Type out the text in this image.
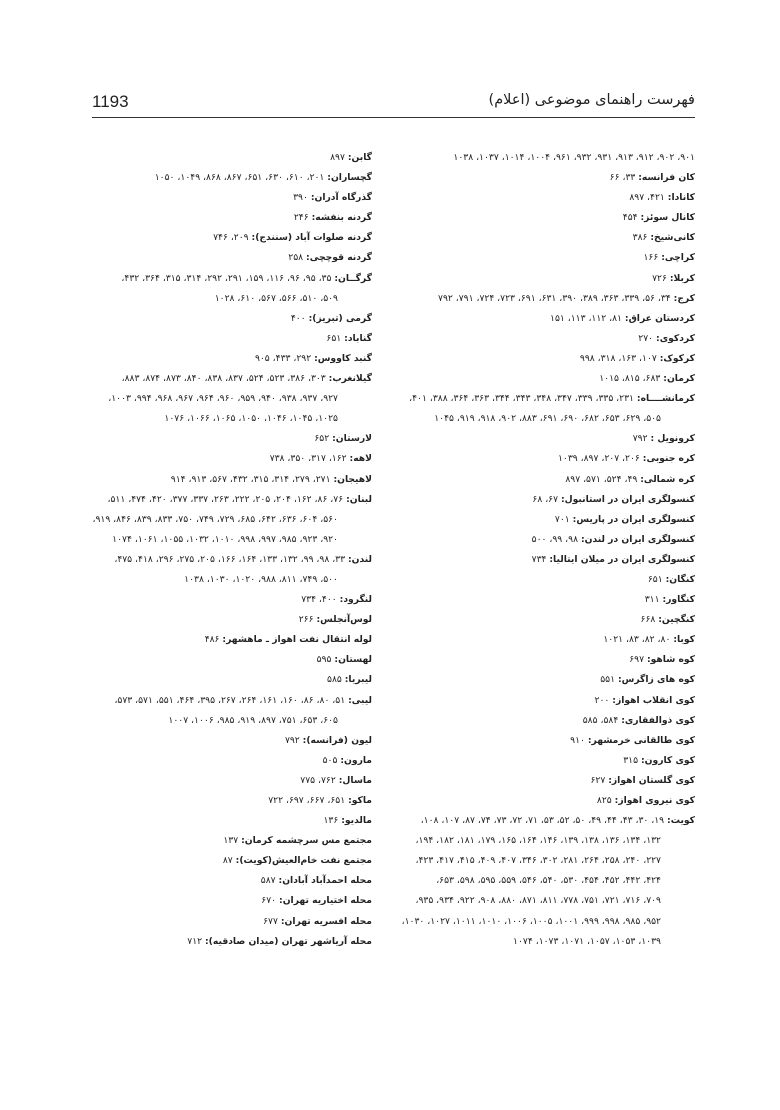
1193	فهرست راهنمای موضوعی (اعلام)
۹۰۱، ۹۰۲، ۹۱۲، ۹۱۳، ۹۳۱، ۹۳۲، ۹۶۱، ۱۰۰۴، ۱۰۱۴، ۱۰۳۷، ۱۰۳۸
کان فرانسه: ۳۳، ۶۶
کانادا: ۴۲۱، ۸۹۷
کانال سوئز: ۴۵۴
کانی‌شیخ: ۳۸۶
کراچی: ۱۶۶
کربلا: ۷۲۶
کرج: ۳۴، ۵۶، ۳۳۹، ۳۶۳، ۳۸۹، ۳۹۰، ۶۳۱، ۶۹۱، ۷۲۳، ۷۲۴، ۷۹۱، ۷۹۲
کردستان عراق: ۸۱، ۱۱۲، ۱۱۳، ۱۵۱
کردکوی: ۲۷۰
کرکوک: ۱۰۷، ۱۶۳، ۳۱۸، ۹۹۸
کرمان: ۶۸۳، ۸۱۵، ۱۰۱۵
کرمانشــــاه: ۲۳۱، ۳۳۵، ۳۳۹، ۳۴۷، ۳۴۸، ۳۴۳، ۳۴۴، ۳۶۳، ۳۶۴، ۳۸۸، ۴۰۱،
۵۰۵، ۶۲۹، ۶۵۳، ۶۸۲، ۶۹۰، ۶۹۱، ۸۸۳، ۹۰۲، ۹۱۸، ۹۱۹، ۱۰۴۵
کرونویل : ۷۹۲
کره جنوبی: ۲۰۶، ۲۰۷، ۸۹۷، ۱۰۳۹
کره شمالی: ۴۹، ۵۲۴، ۵۷۱، ۸۹۷
کنسولگری ایران در استانبول: ۶۷، ۶۸
کنسولگری ایران در پاریس: ۷۰۱
کنسولگری ایران در لندن: ۹۸، ۹۹، ۵۰۰
کنسولگری ایران در میلان ایتالیا: ۷۳۴
کنگان: ۶۵۱
کنگاور: ۳۱۱
کنگچین: ۶۶۸
کوبا: ۸۰، ۸۲، ۸۳، ۱۰۲۱
کوه شاهو: ۶۹۷
کوه های زاگرس: ۵۵۱
کوی انقلاب اهواز: ۲۰۰
کوی ذوالفقاری: ۵۸۴، ۵۸۵
کوی طالقانی خرمشهر: ۹۱۰
کوی کارون: ۳۱۵
کوی گلستان اهواز: ۶۲۷
کوی نیروی اهواز: ۸۲۵
کویت: ۱۹، ۳۰، ۴۳، ۴۴، ۴۹، ۵۰، ۵۲، ۵۳، ۷۱، ۷۲، ۷۳، ۷۴، ۸۷، ۱۰۷، ۱۰۸،
۱۳۲، ۱۳۴، ۱۳۶، ۱۳۸، ۱۳۹، ۱۴۶، ۱۶۴، ۱۶۵، ۱۷۹، ۱۸۱، ۱۸۲، ۱۹۴،
۲۲۷، ۲۴۰، ۲۵۸، ۲۶۴، ۲۸۱، ۳۰۲، ۳۴۶، ۴۰۷، ۴۰۹، ۴۱۵، ۴۱۷، ۴۲۳،
۴۲۴، ۴۴۲، ۴۵۲، ۴۵۴، ۵۳۰، ۵۴۰، ۵۴۶، ۵۵۹، ۵۹۵، ۵۹۸، ۶۵۳،
۷۰۹، ۷۱۶، ۷۲۱، ۷۵۱، ۷۷۸، ۸۱۱، ۸۷۱، ۸۸۰، ۹۰۸، ۹۲۲، ۹۳۴، ۹۳۵،
۹۵۲، ۹۸۵، ۹۹۸، ۹۹۹، ۱۰۰۱، ۱۰۰۵، ۱۰۰۶، ۱۰۱۰، ۱۰۱۱، ۱۰۲۷، ۱۰۳۰،
۱۰۳۹، ۱۰۵۳، ۱۰۵۷، ۱۰۷۱، ۱۰۷۳، ۱۰۷۴
گابن: ۸۹۷
گچساران: ۲۰۱، ۶۱۰، ۶۳۰، ۶۵۱، ۸۶۷، ۸۶۸، ۱۰۴۹، ۱۰۵۰
گذرگاه آدران: ۳۹۰
گردنه بنفشه: ۲۴۶
گردنه صلوات آباد (سنندج): ۲۰۹، ۷۴۶
گردنه قوچچی: ۲۵۸
گرگــان: ۳۵، ۹۵، ۹۶، ۱۱۶، ۱۵۹، ۲۹۱، ۲۹۲، ۳۱۴، ۳۱۵، ۳۶۴، ۴۳۲،
۵۰۹، ۵۱۰، ۵۶۶، ۵۶۷، ۶۱۰، ۱۰۲۸
گرمی (تبریز): ۴۰۰
گناباد: ۶۵۱
گنبد کاووس: ۲۹۲، ۴۳۳، ۹۰۵
گیلانغرب: ۳۰۳، ۳۸۶، ۵۲۳، ۵۲۴، ۸۳۷، ۸۳۸، ۸۴۰، ۸۷۳، ۸۷۴، ۸۸۳،
۹۲۷، ۹۳۷، ۹۳۸، ۹۴۰، ۹۵۹، ۹۶۰، ۹۶۴، ۹۶۷، ۹۶۸، ۹۹۴، ۱۰۰۳،
۱۰۲۵، ۱۰۴۵، ۱۰۴۶، ۱۰۵۰، ۱۰۶۵، ۱۰۶۶، ۱۰۷۶
لارستان: ۶۵۲
لاهه: ۱۶۲، ۳۱۷، ۳۵۰، ۷۳۸
لاهیجان: ۲۷۱، ۲۷۹، ۳۱۴، ۳۱۵، ۴۳۲، ۵۶۷، ۹۱۳، ۹۱۴
لبنان: ۷۶، ۸۶، ۱۶۲، ۲۰۴، ۲۰۵، ۲۲۲، ۲۶۳، ۳۳۷، ۳۷۷، ۴۲۰، ۴۷۴، ۵۱۱،
۵۶۰، ۶۰۴، ۶۳۶، ۶۴۲، ۶۸۵، ۷۲۹، ۷۴۹، ۷۵۰، ۸۳۳، ۸۳۹، ۸۴۶، ۹۱۹،
۹۲۰، ۹۲۳، ۹۸۵، ۹۹۷، ۹۹۸، ۱۰۱۰، ۱۰۳۲، ۱۰۵۵، ۱۰۶۱، ۱۰۷۴
لندن: ۳۳، ۹۸، ۹۹، ۱۳۲، ۱۳۳، ۱۶۴، ۱۶۶، ۲۰۵، ۲۷۵، ۲۹۶، ۴۱۸، ۴۷۵،
۵۰۰، ۷۴۹، ۸۱۱، ۹۸۸، ۱۰۲۰، ۱۰۳۰، ۱۰۳۸
لنگرود: ۴۰۰، ۷۳۴
لوس‌آنجلس: ۲۶۶
لوله انتقال نفت اهواز ـ ماهشهر: ۴۸۶
لهستان: ۵۹۵
لیبریا: ۵۸۵
لیبی: ۵۱، ۸۰، ۸۶، ۱۶۰، ۱۶۱، ۲۶۴، ۲۶۷، ۳۹۵، ۴۶۴، ۵۵۱، ۵۷۱، ۵۷۳،
۶۰۵، ۶۵۳، ۷۵۱، ۸۹۷، ۹۱۹، ۹۸۵، ۱۰۰۶، ۱۰۰۷
لیون (فرانسه): ۷۹۲
مارون: ۵۰۵
ماسال: ۷۶۲، ۷۷۵
ماکو: ۶۵۱، ۶۶۷، ۶۹۷، ۷۲۲
مالدیو: ۱۳۶
مجتمع مس سرچشمه کرمان: ۱۳۷
مجتمع نفت خام‌العیش(کویت): ۸۷
محله احمدآباد آبادان: ۵۸۷
محله اختیاریه تهران: ۶۷۰
محله افسریه تهران: ۶۷۷
محله آریاشهر تهران (میدان صادقیه): ۷۱۲
